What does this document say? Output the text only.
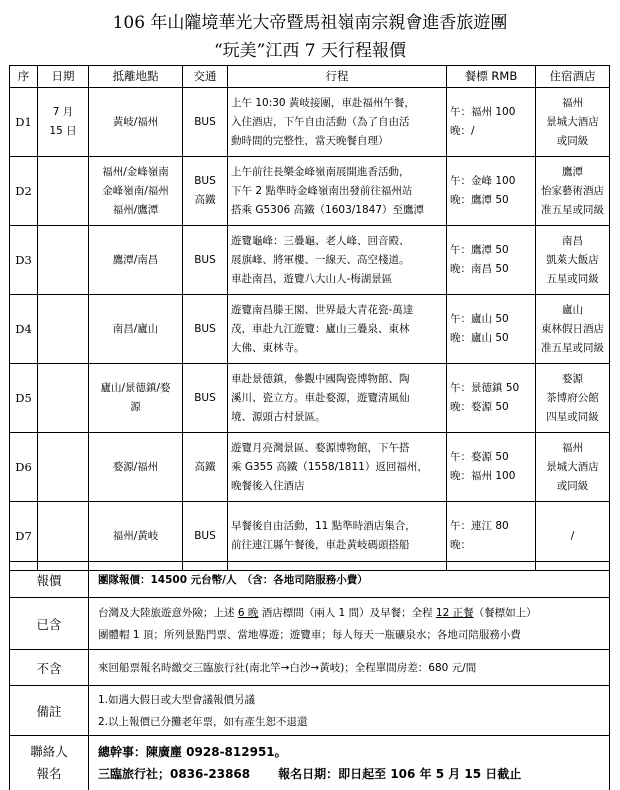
106 年山隴境華光大帝暨馬祖嶺南宗親會進香旅遊團
“玩美”江西 7 天行程報價
序	日期	抵離地點	交通	行程	餐標 RMB	住宿酒店
D1	7 月
15 日	黃岐/福州	BUS	上午 10:30 黃岐接團，車赴福州午餐，
入住酒店，下午自由活動（為了自由活
動時間的完整性，當天晚餐自理）	午：福州 100
晚：/	福州
景城大酒店
或同級

D2		福州/金峰嶺南
金峰嶺南/福州
福州/鷹潭	BUS
高鐵	上午前往長樂金峰嶺南展開進香活動，
下午 2 點準時金峰嶺南出發前往福州站
搭乘 G5306 高鐵（1603/1847）至鷹潭	午：金峰 100
晚：鷹潭 50	鷹潭
怡家藝術酒店
准五星或同級

D3		鷹潭/南昌	BUS	遊覽龜峰：三疊龜、老人峰、回音殿、
展旗峰、將軍樓、一線天、高空棧道。
車赴南昌，遊覽八大山人-梅湖景區	午：鷹潭 50
晚：南昌 50	南昌
凱萊大飯店
五星或同級

D4		南昌/廬山	BUS	遊覽南昌滕王閣、世界最大青花瓷-萬達
茂，車赴九江遊覽：廬山三疊泉、東林
大佛、東林寺。	午：廬山 50
晚：廬山 50	廬山
東林假日酒店
准五星或同級

D5		廬山/景德鎮/婺
源	BUS	車赴景德鎮，參觀中國陶瓷博物館、陶
溪川、瓷立方。車赴婺源，遊覽清風仙
境、源頭古村景區。	午：景德鎮 50
晚：婺源 50	婺源
茶博府公館
四星或同級

D6		婺源/福州	高鐵	遊覽月亮灣景區、婺源博物館，下午搭
乘 G355 高鐵（1558/1811）返回福州，
晚餐後入住酒店	午：婺源 50
晚：福州 100	福州
景城大酒店
或同級

D7		福州/黃岐	BUS	早餐後自由活動，11 點準時酒店集合，
前往連江縣午餐後，車赴黃岐碼頭搭船	午：連江 80
晚：	/
報價	團隊報價：14500 元台幣/人　（含：各地司陪服務小費）
已含	台灣及大陸旅遊意外險；上述 6 晚 酒店標間（兩人 1 間）及早餐；全程 12 正餐（餐標如上）
團體帽 1 頂；所列景點門票、當地導遊；遊覽車；每人每天一瓶礦泉水；各地司陪服務小費

不含	來回船票報名時繳交三臨旅行社(南北竿→白沙→黃岐)；全程單間房差：680 元/間
備註	1.如遇大假日或大型會議報價另議
2.以上報價已分攤老年票，如有產生恕不退還

聯絡人
報名	總幹事：陳廣塵 0928-812951。
三臨旅行社；0836-23868 報名日期：即日起至 106 年 5 月 15 日截止
